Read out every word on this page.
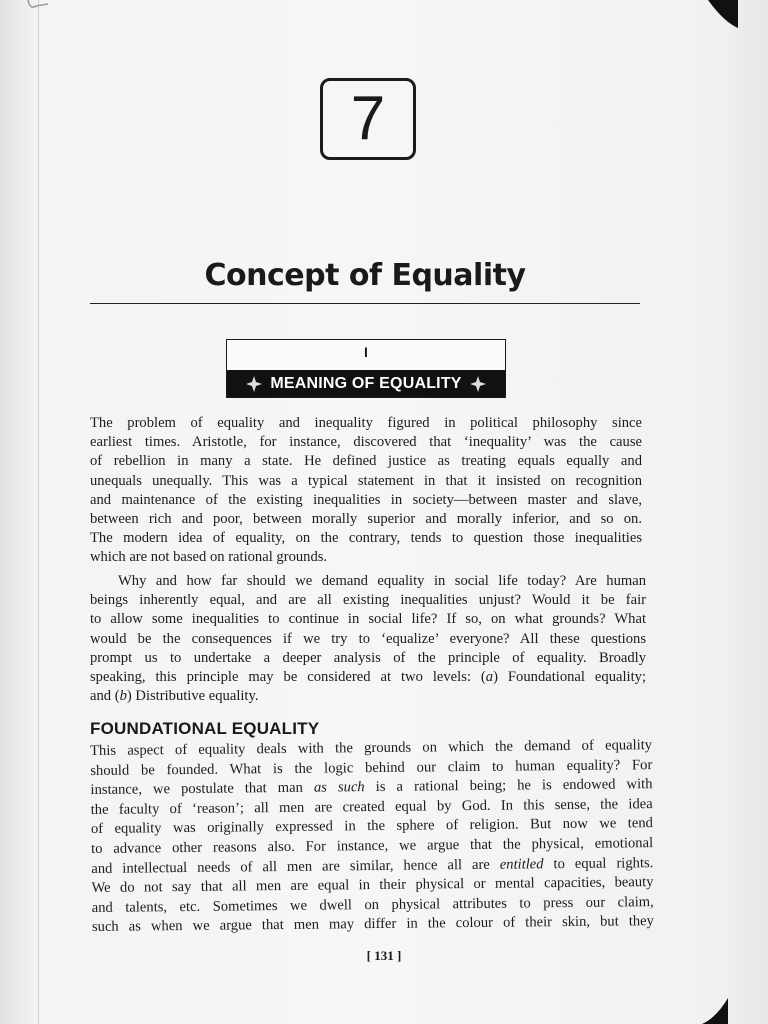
7
Concept of Equality
I
MEANING OF EQUALITY

The problem of equality and inequality figured in political philosophy since
earliest times. Aristotle, for instance, discovered that ‘inequality’ was the cause
of rebellion in many a state. He defined justice as treating equals equally and
unequals unequally. This was a typical statement in that it insisted on recognition
and maintenance of the existing inequalities in society—between master and slave,
between rich and poor, between morally superior and morally inferior, and so on.
The modern idea of equality, on the contrary, tends to question those inequalities
which are not based on rational grounds.

Why and how far should we demand equality in social life today? Are human
beings inherently equal, and are all existing inequalities unjust? Would it be fair
to allow some inequalities to continue in social life? If so, on what grounds? What
would be the consequences if we try to ‘equalize’ everyone? All these questions
prompt us to undertake a deeper analysis of the principle of equality. Broadly
speaking, this principle may be considered at two levels: (a) Foundational equality;
and (b) Distributive equality.

FOUNDATIONAL EQUALITY

This aspect of equality deals with the grounds on which the demand of equality
should be founded. What is the logic behind our claim to human equality? For
instance, we postulate that man as such is a rational being; he is endowed with
the faculty of ‘reason’; all men are created equal by God. In this sense, the idea
of equality was originally expressed in the sphere of religion. But now we tend
to advance other reasons also. For instance, we argue that the physical, emotional
and intellectual needs of all men are similar, hence all are entitled to equal rights.
We do not say that all men are equal in their physical or mental capacities, beauty
and talents, etc. Sometimes we dwell on physical attributes to press our claim,
such as when we argue that men may differ in the colour of their skin, but they

[ 131 ]
